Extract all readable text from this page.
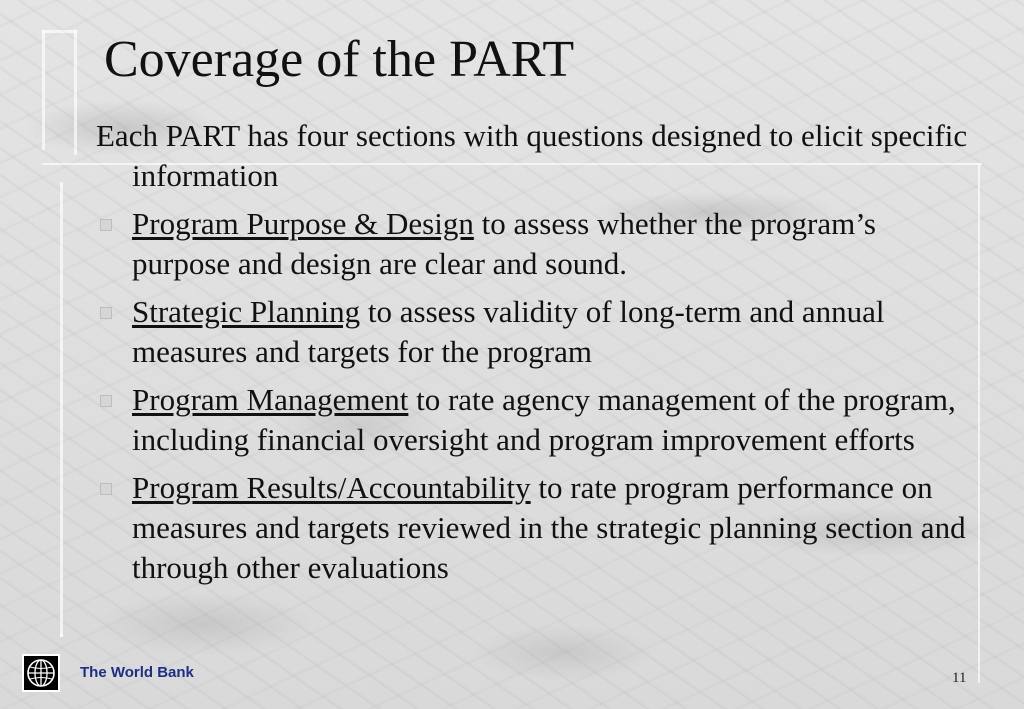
Coverage of the PART
Each PART has four sections with questions designed to elicit specific information
Program Purpose & Design to assess whether the program’s purpose and design are clear and sound.
Strategic Planning to assess validity of long-term and annual measures and targets for the program
Program Management to rate agency management of the program, including financial oversight and program improvement efforts
Program Results/Accountability to rate program performance on measures and targets reviewed in the strategic planning section and through other evaluations
The World Bank	11
